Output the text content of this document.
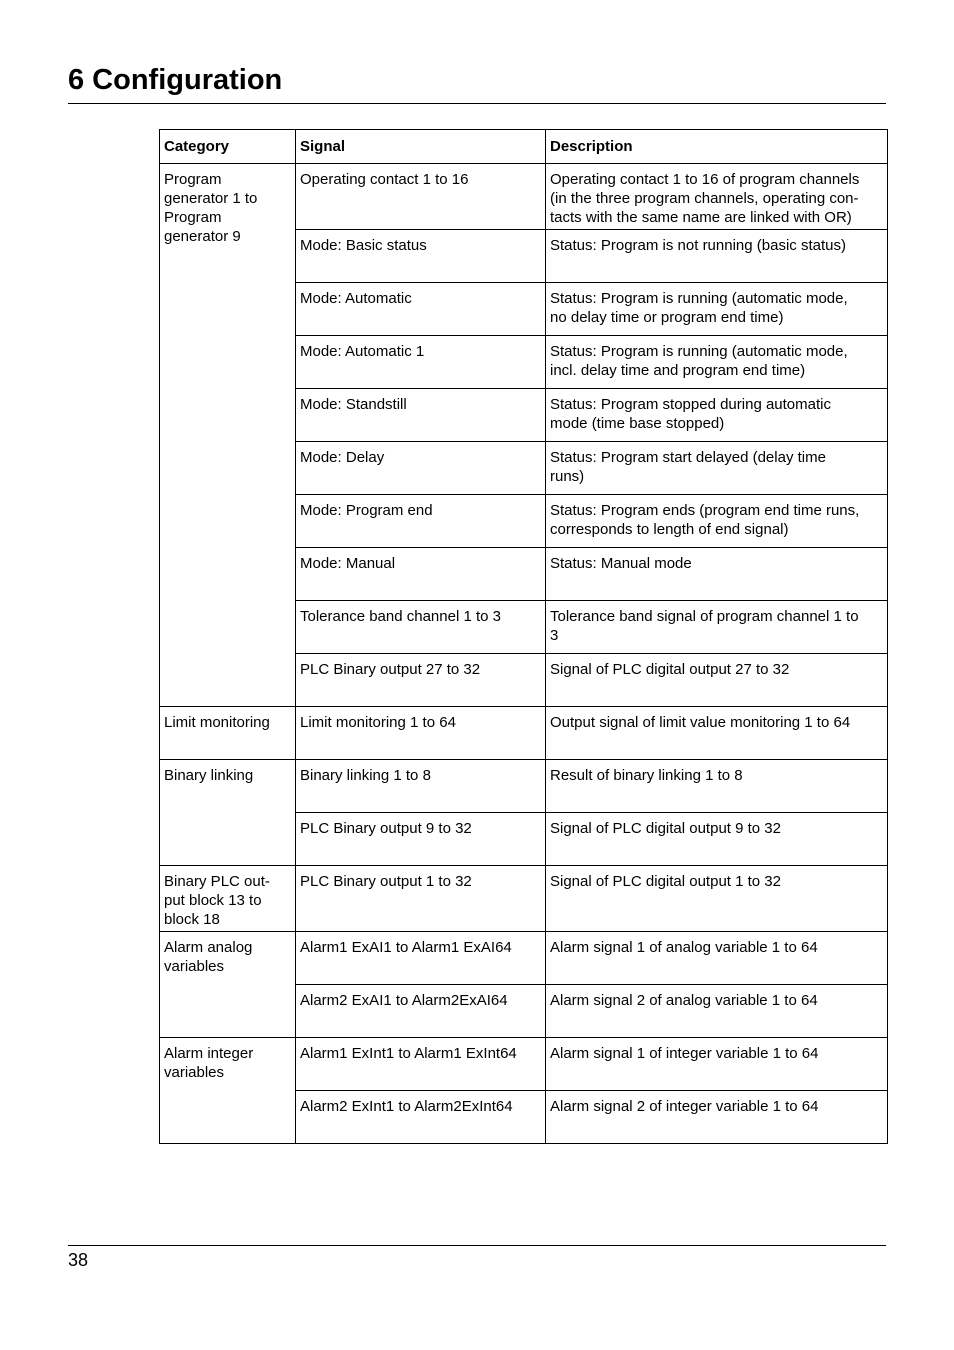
6 Configuration
Category	Signal	Description
Program
generator 1 to
Program
generator 9	Operating contact 1 to 16	Operating contact 1 to 16 of program channels
(in the three program channels, operating con-
tacts with the same name are linked with OR)
	Mode: Basic status	Status: Program is not running (basic status)
	Mode: Automatic	Status: Program is running (automatic mode,
no delay time or program end time)
	Mode: Automatic 1	Status: Program is running (automatic mode,
incl. delay time and program end time)
	Mode: Standstill	Status: Program stopped during automatic
mode (time base stopped)
	Mode: Delay	Status: Program start delayed (delay time
runs)
	Mode: Program end	Status: Program ends (program end time runs,
corresponds to length of end signal)
	Mode: Manual	Status: Manual mode
	Tolerance band channel 1 to 3	Tolerance band signal of program channel 1 to
3
	PLC Binary output 27 to 32	Signal of PLC digital output 27 to 32
Limit monitoring	Limit monitoring 1 to 64	Output signal of limit value monitoring 1 to 64
Binary linking	Binary linking 1 to 8	Result of binary linking 1 to 8
	PLC Binary output 9 to 32	Signal of PLC digital output 9 to 32
Binary PLC out-
put block 13 to
block 18	PLC Binary output 1 to 32	Signal of PLC digital output 1 to 32
Alarm analog
variables	Alarm1 ExAI1 to Alarm1 ExAI64	Alarm signal 1 of analog variable 1 to 64
	Alarm2 ExAI1 to Alarm2ExAI64	Alarm signal 2 of analog variable 1 to 64
Alarm integer
variables	Alarm1 ExInt1 to Alarm1 ExInt64	Alarm signal 1 of integer variable 1 to 64
	Alarm2 ExInt1 to Alarm2ExInt64	Alarm signal 2 of integer variable 1 to 64
38
